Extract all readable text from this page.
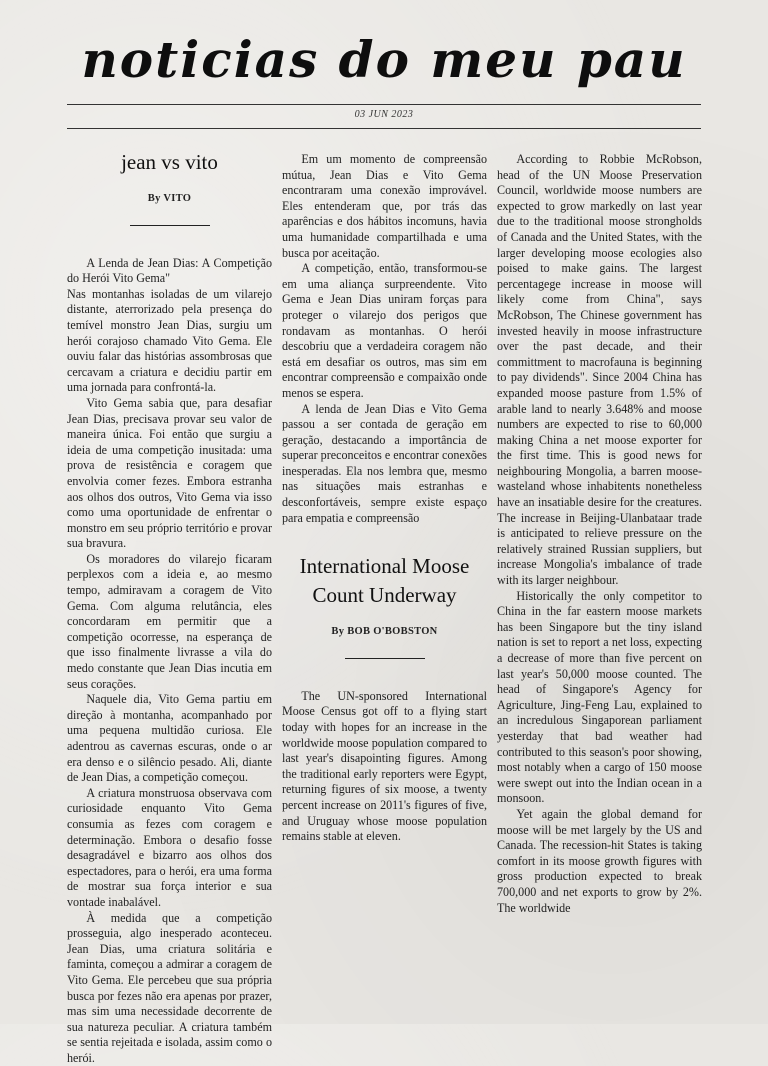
noticias do meu pau
03 JUN 2023
jean vs vito
By VITO

A Lenda de Jean Dias: A Competição do Herói Vito Gema"

Nas montanhas isoladas de um vilarejo distante, aterrorizado pela presença do temível monstro Jean Dias, surgiu um herói corajoso chamado Vito Gema. Ele ouviu falar das histórias assombrosas que cercavam a criatura e decidiu partir em uma jornada para confrontá-la.

Vito Gema sabia que, para desafiar Jean Dias, precisava provar seu valor de maneira única. Foi então que surgiu a ideia de uma competição inusitada: uma prova de resistência e coragem que envolvia comer fezes. Embora estranha aos olhos dos outros, Vito Gema via isso como uma oportunidade de enfrentar o monstro em seu próprio território e provar sua bravura.

Os moradores do vilarejo ficaram perplexos com a ideia e, ao mesmo tempo, admiravam a coragem de Vito Gema. Com alguma relutância, eles concordaram em permitir que a competição ocorresse, na esperança de que isso finalmente livrasse a vila do medo constante que Jean Dias incutia em seus corações.

Naquele dia, Vito Gema partiu em direção à montanha, acompanhado por uma pequena multidão curiosa. Ele adentrou as cavernas escuras, onde o ar era denso e o silêncio pesado. Ali, diante de Jean Dias, a competição começou.

A criatura monstruosa observava com curiosidade enquanto Vito Gema consumia as fezes com coragem e determinação. Embora o desafio fosse desagradável e bizarro aos olhos dos espectadores, para o herói, era uma forma de mostrar sua força interior e sua vontade inabalável.

À medida que a competição prosseguia, algo inesperado aconteceu. Jean Dias, uma criatura solitária e faminta, começou a admirar a coragem de Vito Gema. Ele percebeu que sua própria busca por fezes não era apenas por prazer, mas sim uma necessidade decorrente de sua natureza peculiar. A criatura também se sentia rejeitada e isolada, assim como o herói.

Em um momento de compreensão mútua, Jean Dias e Vito Gema encontraram uma conexão improvável. Eles entenderam que, por trás das aparências e dos hábitos incomuns, havia uma humanidade compartilhada e uma busca por aceitação.

A competição, então, transformou-se em uma aliança surpreendente. Vito Gema e Jean Dias uniram forças para proteger o vilarejo dos perigos que rondavam as montanhas. O herói descobriu que a verdadeira coragem não está em desafiar os outros, mas sim em encontrar compreensão e compaixão onde menos se espera.

A lenda de Jean Dias e Vito Gema passou a ser contada de geração em geração, destacando a importância de superar preconceitos e encontrar conexões inesperadas. Ela nos lembra que, mesmo nas situações mais estranhas e desconfortáveis, sempre existe espaço para empatia e compreensão

International Moose Count Underway
By BOB O'BOBSTON

The UN-sponsored International Moose Census got off to a flying start today with hopes for an increase in the worldwide moose population compared to last year's disapointing figures. Among the traditional early reporters were Egypt, returning figures of six moose, a twenty percent increase on 2011's figures of five, and Uruguay whose moose population remains stable at eleven.

According to Robbie McRobson, head of the UN Moose Preservation Council, worldwide moose numbers are expected to grow markedly on last year due to the traditional moose strongholds of Canada and the United States, with the larger developing moose ecologies also poised to make gains. The largest percentagege increase in moose will likely come from China", says McRobson, The Chinese government has invested heavily in moose infrastructure over the past decade, and their committment to macrofauna is beginning to pay dividends". Since 2004 China has expanded moose pasture from 1.5% of arable land to nearly 3.648% and moose numbers are expected to rise to 60,000 making China a net moose exporter for the first time. This is good news for neighbouring Mongolia, a barren moose-wasteland whose inhabitents nonetheless have an insatiable desire for the creatures. The increase in Beijing-Ulanbataar trade is anticipated to relieve pressure on the relatively strained Russian suppliers, but increase Mongolia's imbalance of trade with its larger neighbour.

Historically the only competitor to China in the far eastern moose markets has been Singapore but the tiny island nation is set to report a net loss, expecting a decrease of more than five percent on last year's 50,000 moose counted. The head of Singapore's Agency for Agriculture, Jing-Feng Lau, explained to an incredulous Singaporean parliament yesterday that bad weather had contributed to this season's poor showing, most notably when a cargo of 150 moose were swept out into the Indian ocean in a monsoon.

Yet again the global demand for moose will be met largely by the US and Canada. The recession-hit States is taking comfort in its moose growth figures with gross production expected to break 700,000 and net exports to grow by 2%. The worldwide
